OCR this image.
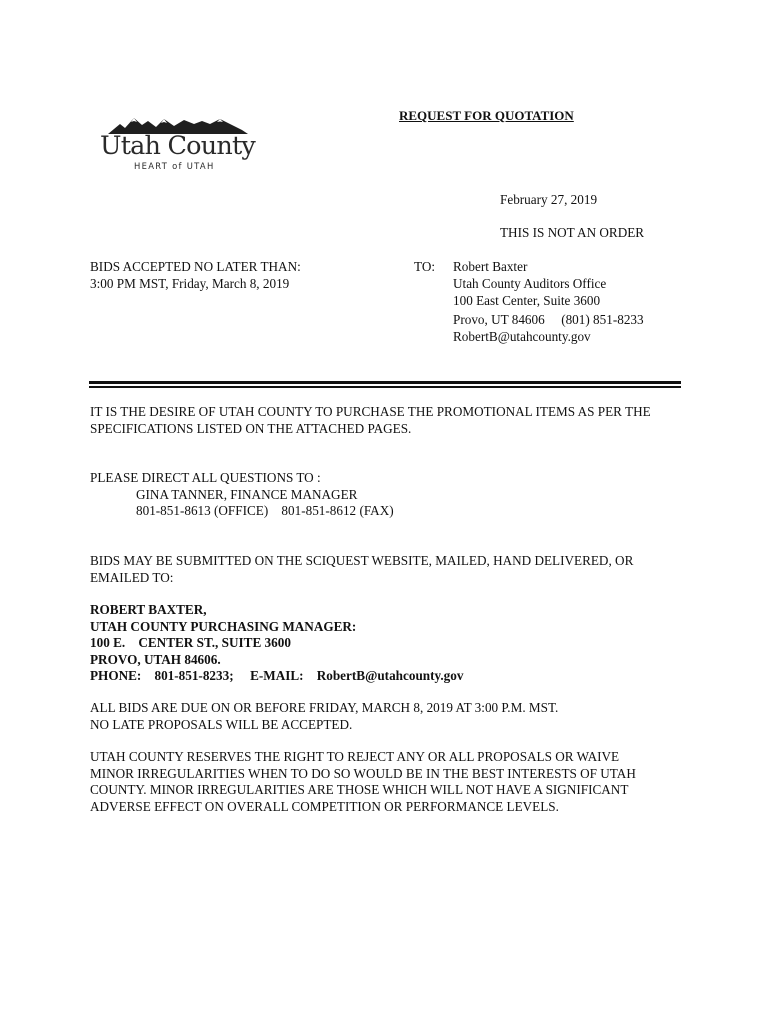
REQUEST FOR QUOTATION
Utah County
HEART of UTAH
February 27, 2019
THIS IS NOT AN ORDER
BIDS ACCEPTED NO LATER THAN:
3:00 PM MST, Friday, March 8, 2019
TO: Robert Baxter
Utah County Auditors Office
100 East Center, Suite 3600
Provo, UT 84606     (801) 851-8233
RobertB@utahcounty.gov
IT IS THE DESIRE OF UTAH COUNTY TO PURCHASE THE PROMOTIONAL ITEMS AS PER THE
SPECIFICATIONS LISTED ON THE ATTACHED PAGES.
PLEASE DIRECT ALL QUESTIONS TO :
GINA TANNER, FINANCE MANAGER
801-851-8613 (OFFICE)    801-851-8612 (FAX)
BIDS MAY BE SUBMITTED ON THE SCIQUEST WEBSITE, MAILED, HAND DELIVERED, OR
EMAILED TO:
ROBERT BAXTER,
UTAH COUNTY PURCHASING MANAGER:
100 E.    CENTER ST., SUITE 3600
PROVO, UTAH 84606.
PHONE:    801-851-8233;     E-MAIL:    RobertB@utahcounty.gov
ALL BIDS ARE DUE ON OR BEFORE FRIDAY, MARCH 8, 2019 AT 3:00 P.M. MST.
NO LATE PROPOSALS WILL BE ACCEPTED.
UTAH COUNTY RESERVES THE RIGHT TO REJECT ANY OR ALL PROPOSALS OR WAIVE
MINOR IRREGULARITIES WHEN TO DO SO WOULD BE IN THE BEST INTERESTS OF UTAH
COUNTY. MINOR IRREGULARITIES ARE THOSE WHICH WILL NOT HAVE A SIGNIFICANT
ADVERSE EFFECT ON OVERALL COMPETITION OR PERFORMANCE LEVELS.
